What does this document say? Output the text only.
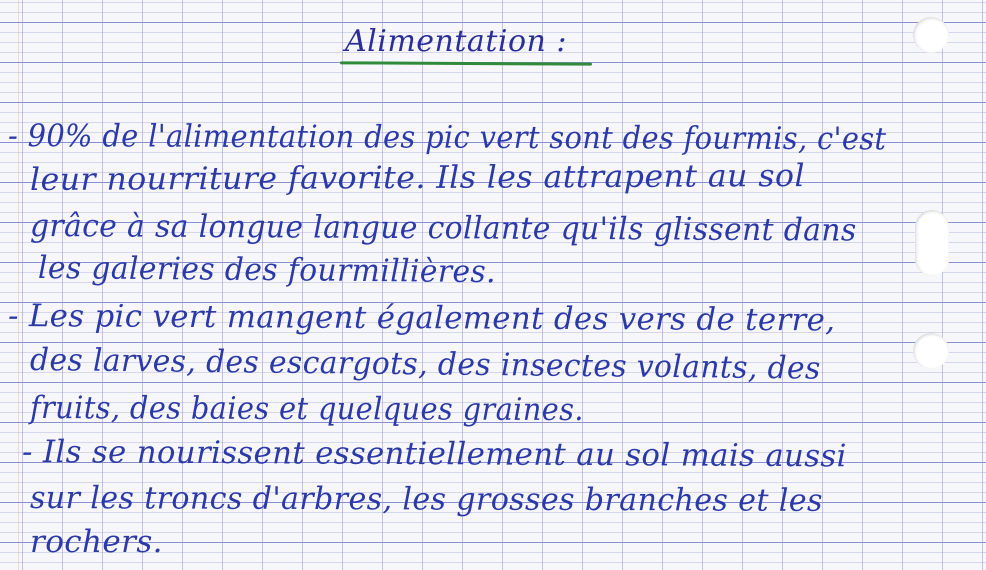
Alimentation :
- 90% de l'alimentation des pic vert sont des fourmis, c'est
leur nourriture favorite. Ils les attrapent au sol
grâce à sa longue langue collante qu'ils glissent dans
les galeries des fourmillières.
- Les pic vert mangent également des vers de terre,
des larves, des escargots, des insectes volants, des
fruits, des baies et quelques graines.
- Ils se nourissent essentiellement au sol mais aussi
sur les troncs d'arbres, les grosses branches et les
rochers.
